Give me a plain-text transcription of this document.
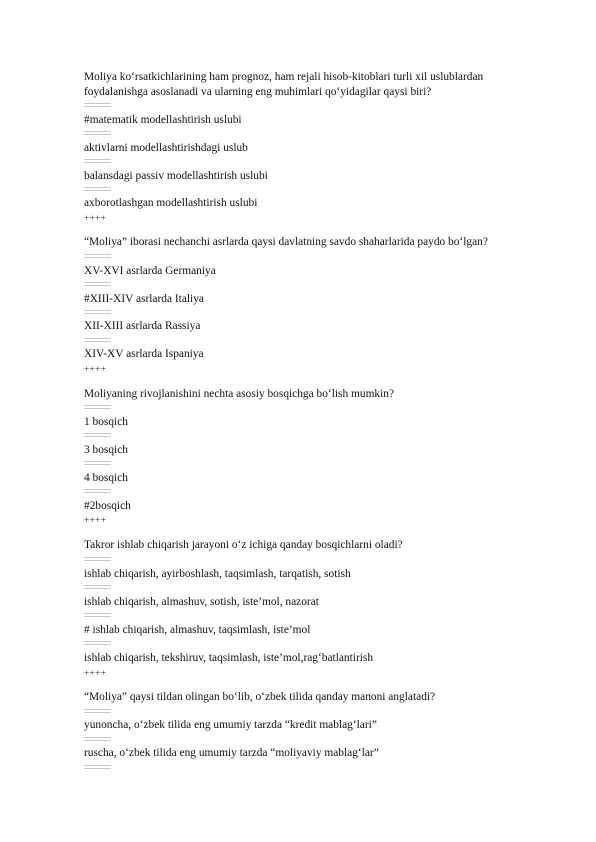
Moliya ko‘rsatkichlarining ham prognoz, ham rejali hisob-kitoblari turli xil uslublardan
foydalanishga asoslanadi va ularning eng muhimlari qo‘yidagilar qaysi biri?
#matematik modellashtirish uslubi
aktivlarni modellashtirishdagi uslub
balansdagi passiv modellashtirish uslubi
axborotlashgan modellashtirish uslubi
++++
“Moliya” iborasi nechanchi asrlarda qaysi davlatning savdo shaharlarida paydo bo‘lgan?
XV-XVI asrlarda Germaniya
#XIII-XIV asrlarda Italiya
XII-XIII asrlarda Rassiya
XIV-XV asrlarda Ispaniya
++++
Moliyaning rivojlanishini nechta asosiy bosqichga bo‘lish mumkin?
1 bosqich
3 bosqich
4 bosqich
#2bosqich
++++
Takror ishlab chiqarish jarayoni o‘z ichiga qanday bosqichlarni oladi?
ishlab chiqarish, ayirboshlash, taqsimlash, tarqatish, sotish
ishlab chiqarish, almashuv, sotish, iste’mol, nazorat
# ishlab chiqarish, almashuv, taqsimlash, iste’mol
ishlab chiqarish, tekshiruv, taqsimlash, iste’mol,rag‘batlantirish
++++
“Moliya” qaysi tildan olingan bo‘lib, o‘zbek tilida qanday manoni anglatadi?
yunoncha, o‘zbek tilida eng umumiy tarzda “kredit mablag‘lari”
ruscha, o‘zbek tilida eng umumiy tarzda “moliyaviy mablag‘lar”
